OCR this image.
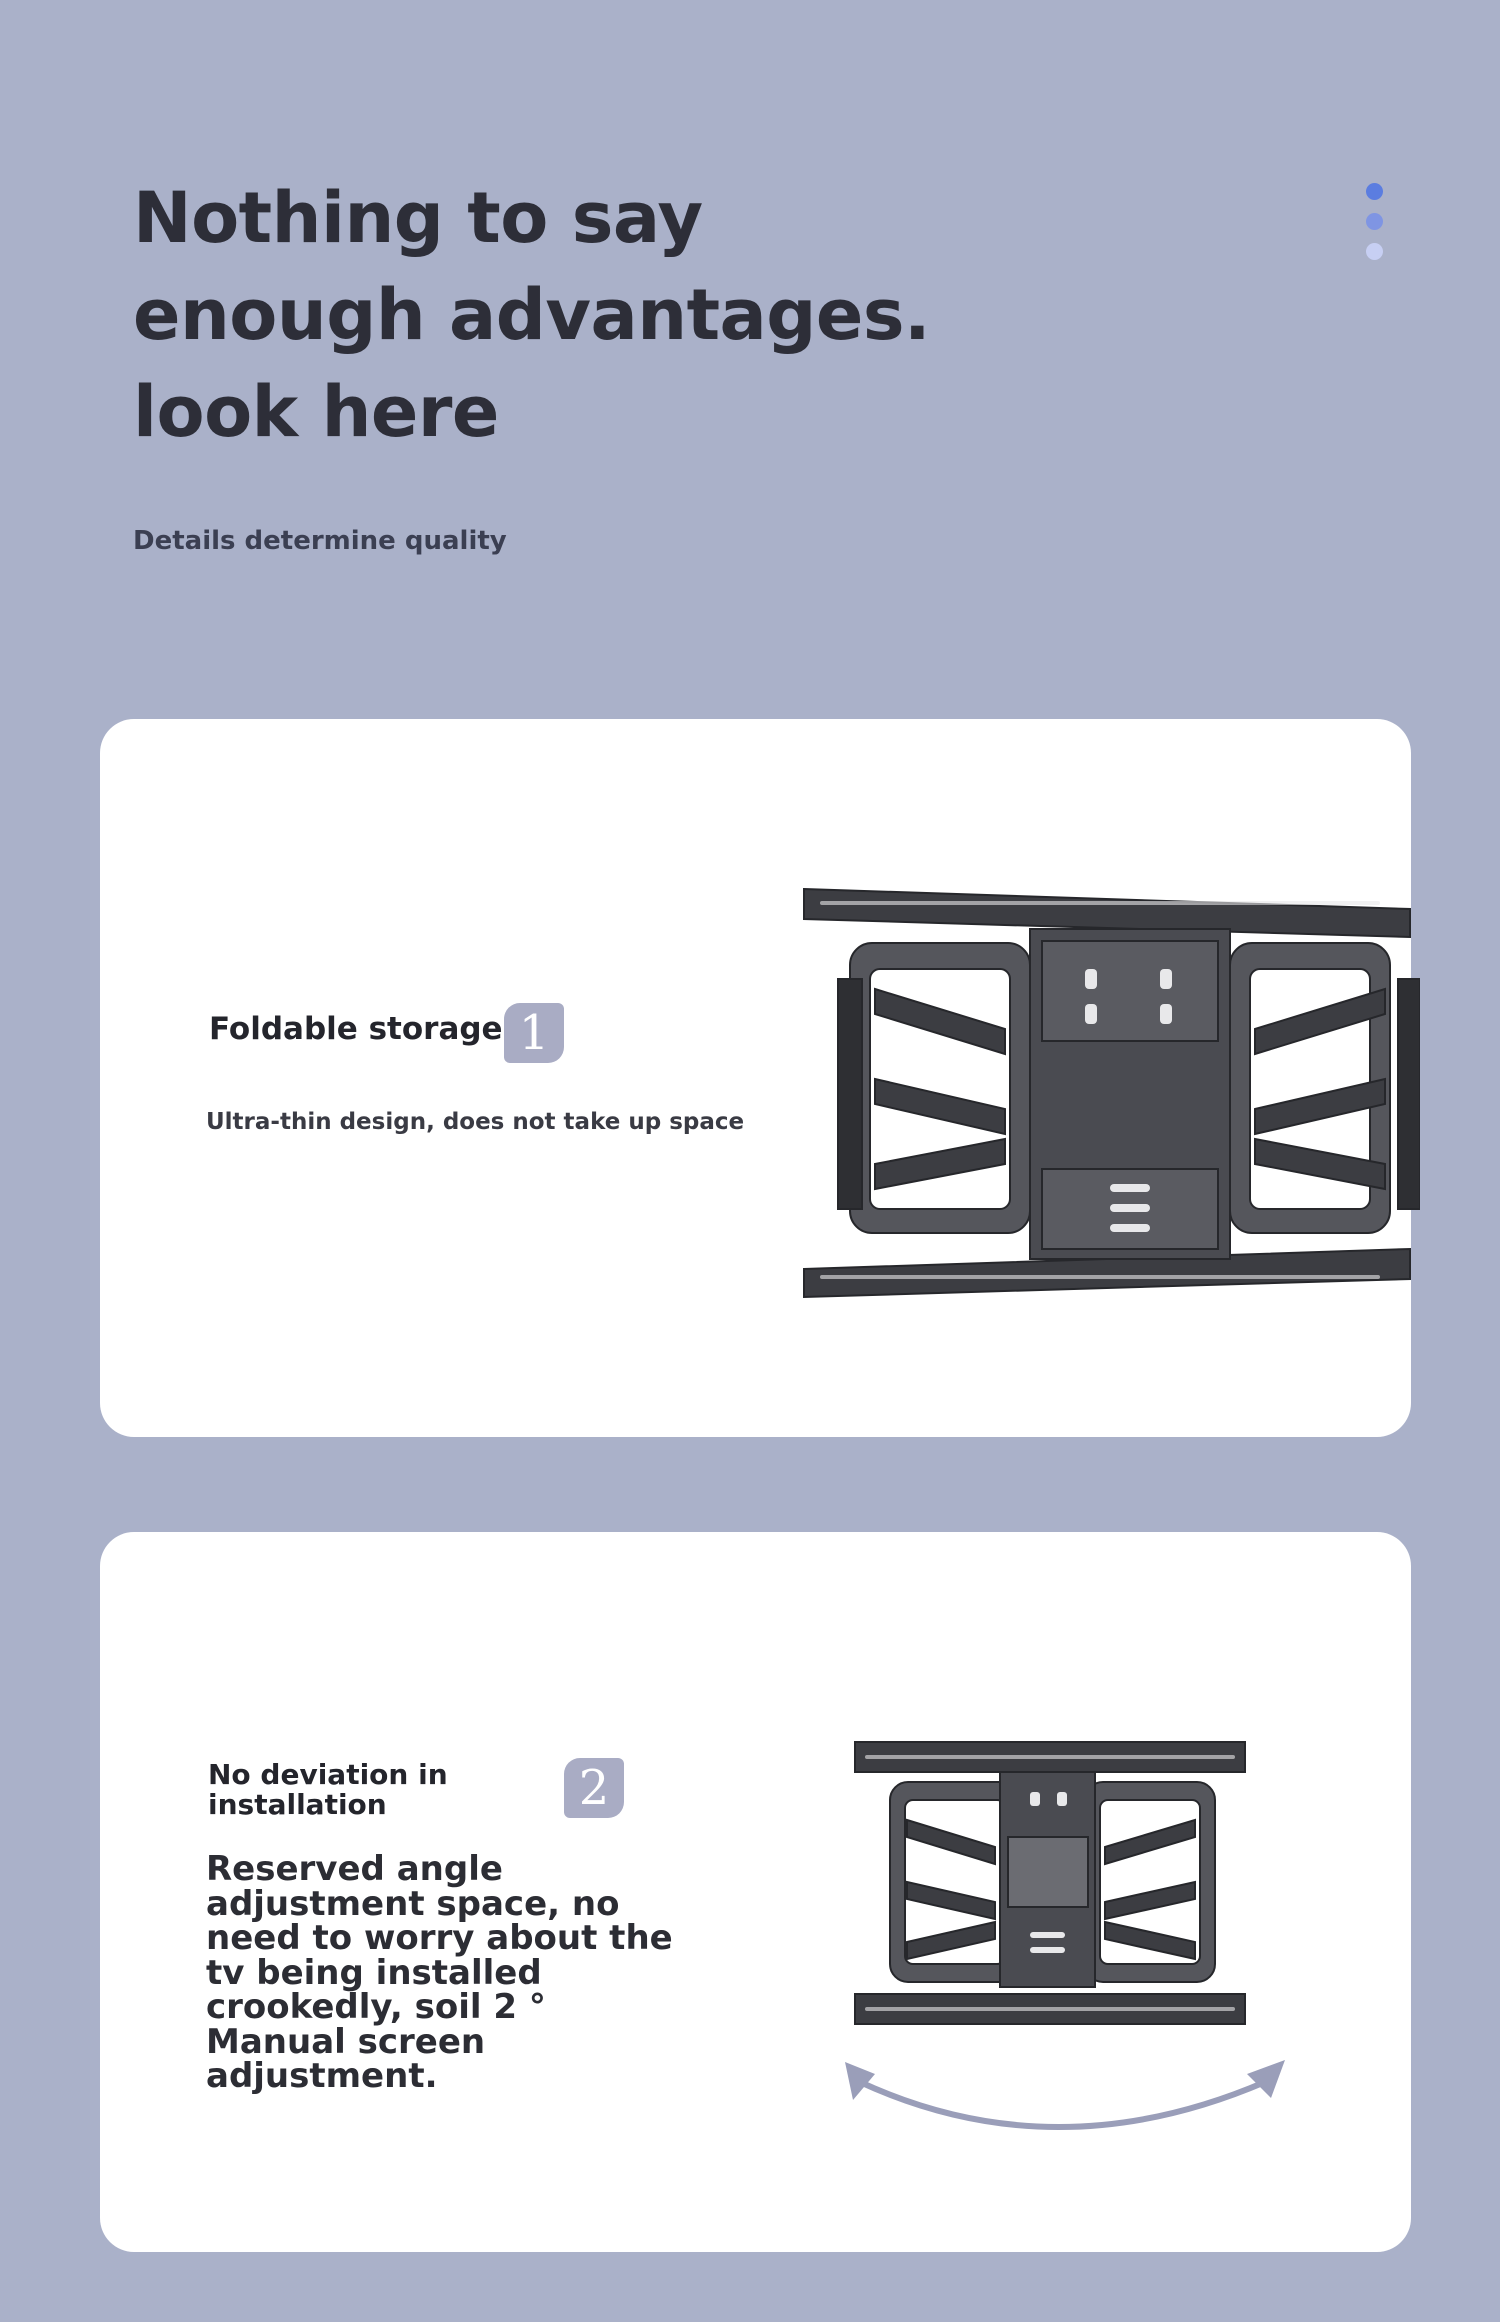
Nothing to say
enough advantages.
look here
Details determine quality
Foldable storage 1
Ultra-thin design, does not take up space
No deviation in installation	2
Reserved angle adjustment space, no need to worry about the tv being installed crookedly, soil 2 ° Manual screen adjustment.
